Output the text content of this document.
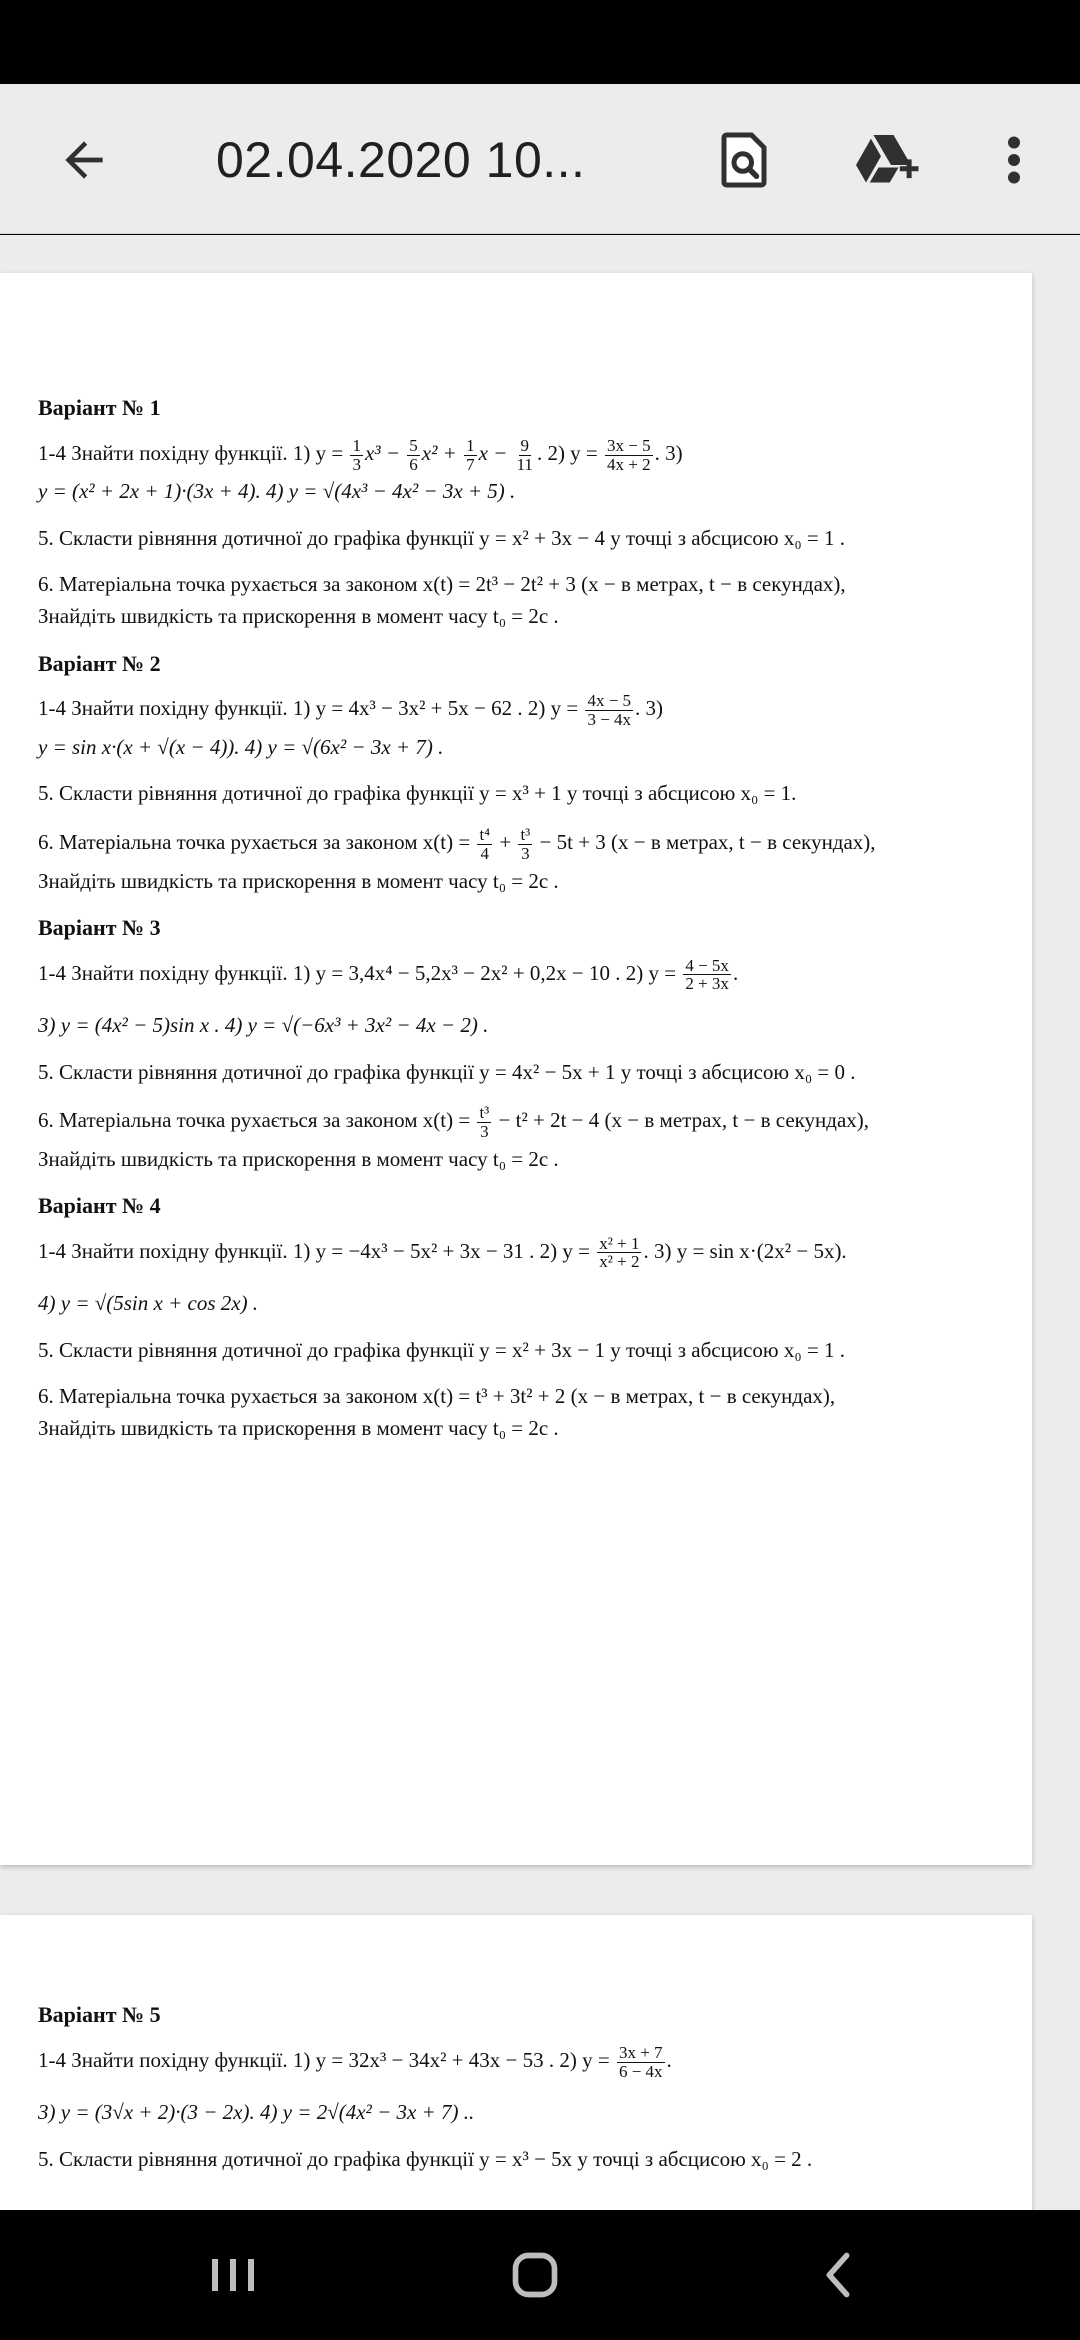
02.04.2020 10...
Варіант № 1
1-4 Знайти похідну функції. 1) $y = \frac{1}{3} x^3 - \frac{5}{6} x^2 + \frac{1}{7}$ $x - \frac{9}{11}$ . 2) $y = \frac{3x - 5}{4x + 2}$ . 3)
y = (x² + 2x + 1)·(3x + 4). 4) y = √(4x³ − 4x² − 3x + 5) .
5. Скласти рівняння дотичної до графіка функції y = x² + 3x − 4 у точці з абсцисою x₀ = 1 .
6. Матеріальна точка рухається за законом x(t) = 2t³ − 2t² + 3 (x − в метрах, t − в секундах),
Знайдіть швидкість та прискорення в момент часу t₀ = 2c .
Варіант № 2
1-4 Знайти похідну функції. 1) y = 4x³ − 3x² + 5x − 62 . 2) $y = \frac{4x - 5}{3 - 4x}$ . 3)
y = sin x·(x + √(x − 4)). 4) y = √(6x² − 3x + 7) .
5. Скласти рівняння дотичної до графіка функції y = x³ + 1 у точці з абсцисою x₀ = 1.
6. Матеріальна точка рухається за законом $x(t) = \frac{\text{t⁴}}{4} + \frac{\text{t³}}{3} - 5t + 3$ (x − в метрах, t − в секундах),
Знайдіть швидкість та прискорення в момент часу t₀ = 2c .
Варіант № 3
1-4 Знайти похідну функції. 1) y = 3,4x⁴ − 5,2x³ − 2x² + 0,2x − 10 . 2) $y = \frac{4 - 5x}{2 + 3x}$ .
3) y = (4x² − 5)sin x . 4) y = √(−6x³ + 3x² − 4x − 2) .
5. Скласти рівняння дотичної до графіка функції y = 4x² − 5x + 1 у точці з абсцисою x₀ = 0 .
6. Матеріальна точка рухається за законом $x(t) = \frac{\text{t³}}{3} - t^2 + 2t - 4$ (x − в метрах, t − в секундах),
Знайдіть швидкість та прискорення в момент часу t₀ = 2c .
Варіант № 4
1-4 Знайти похідну функції. 1) y = −4x³ − 5x² + 3x − 31 . 2) $y = \frac{\text{x² + 1}}{\text{x² + 2}}$ . 3) y = sin x·(2x² − 5x).
4) y = √(5sin x + cos 2x) .
5. Скласти рівняння дотичної до графіка функції y = x² + 3x − 1 у точці з абсцисою x₀ = 1 .
6. Матеріальна точка рухається за законом x(t) = t³ + 3t² + 2 (x − в метрах, t − в секундах),
Знайдіть швидкість та прискорення в момент часу t₀ = 2c .
Варіант № 5
1-4 Знайти похідну функції. 1) y = 32x³ − 34x² + 43x − 53 . 2) $y = \frac{3x + 7}{6 - 4x}$ .
3) y = (3√x + 2)·(3 − 2x). 4) y = 2√(4x² − 3x + 7) ..
5. Скласти рівняння дотичної до графіка функції y = x³ − 5x у точці з абсцисою x₀ = 2 .
